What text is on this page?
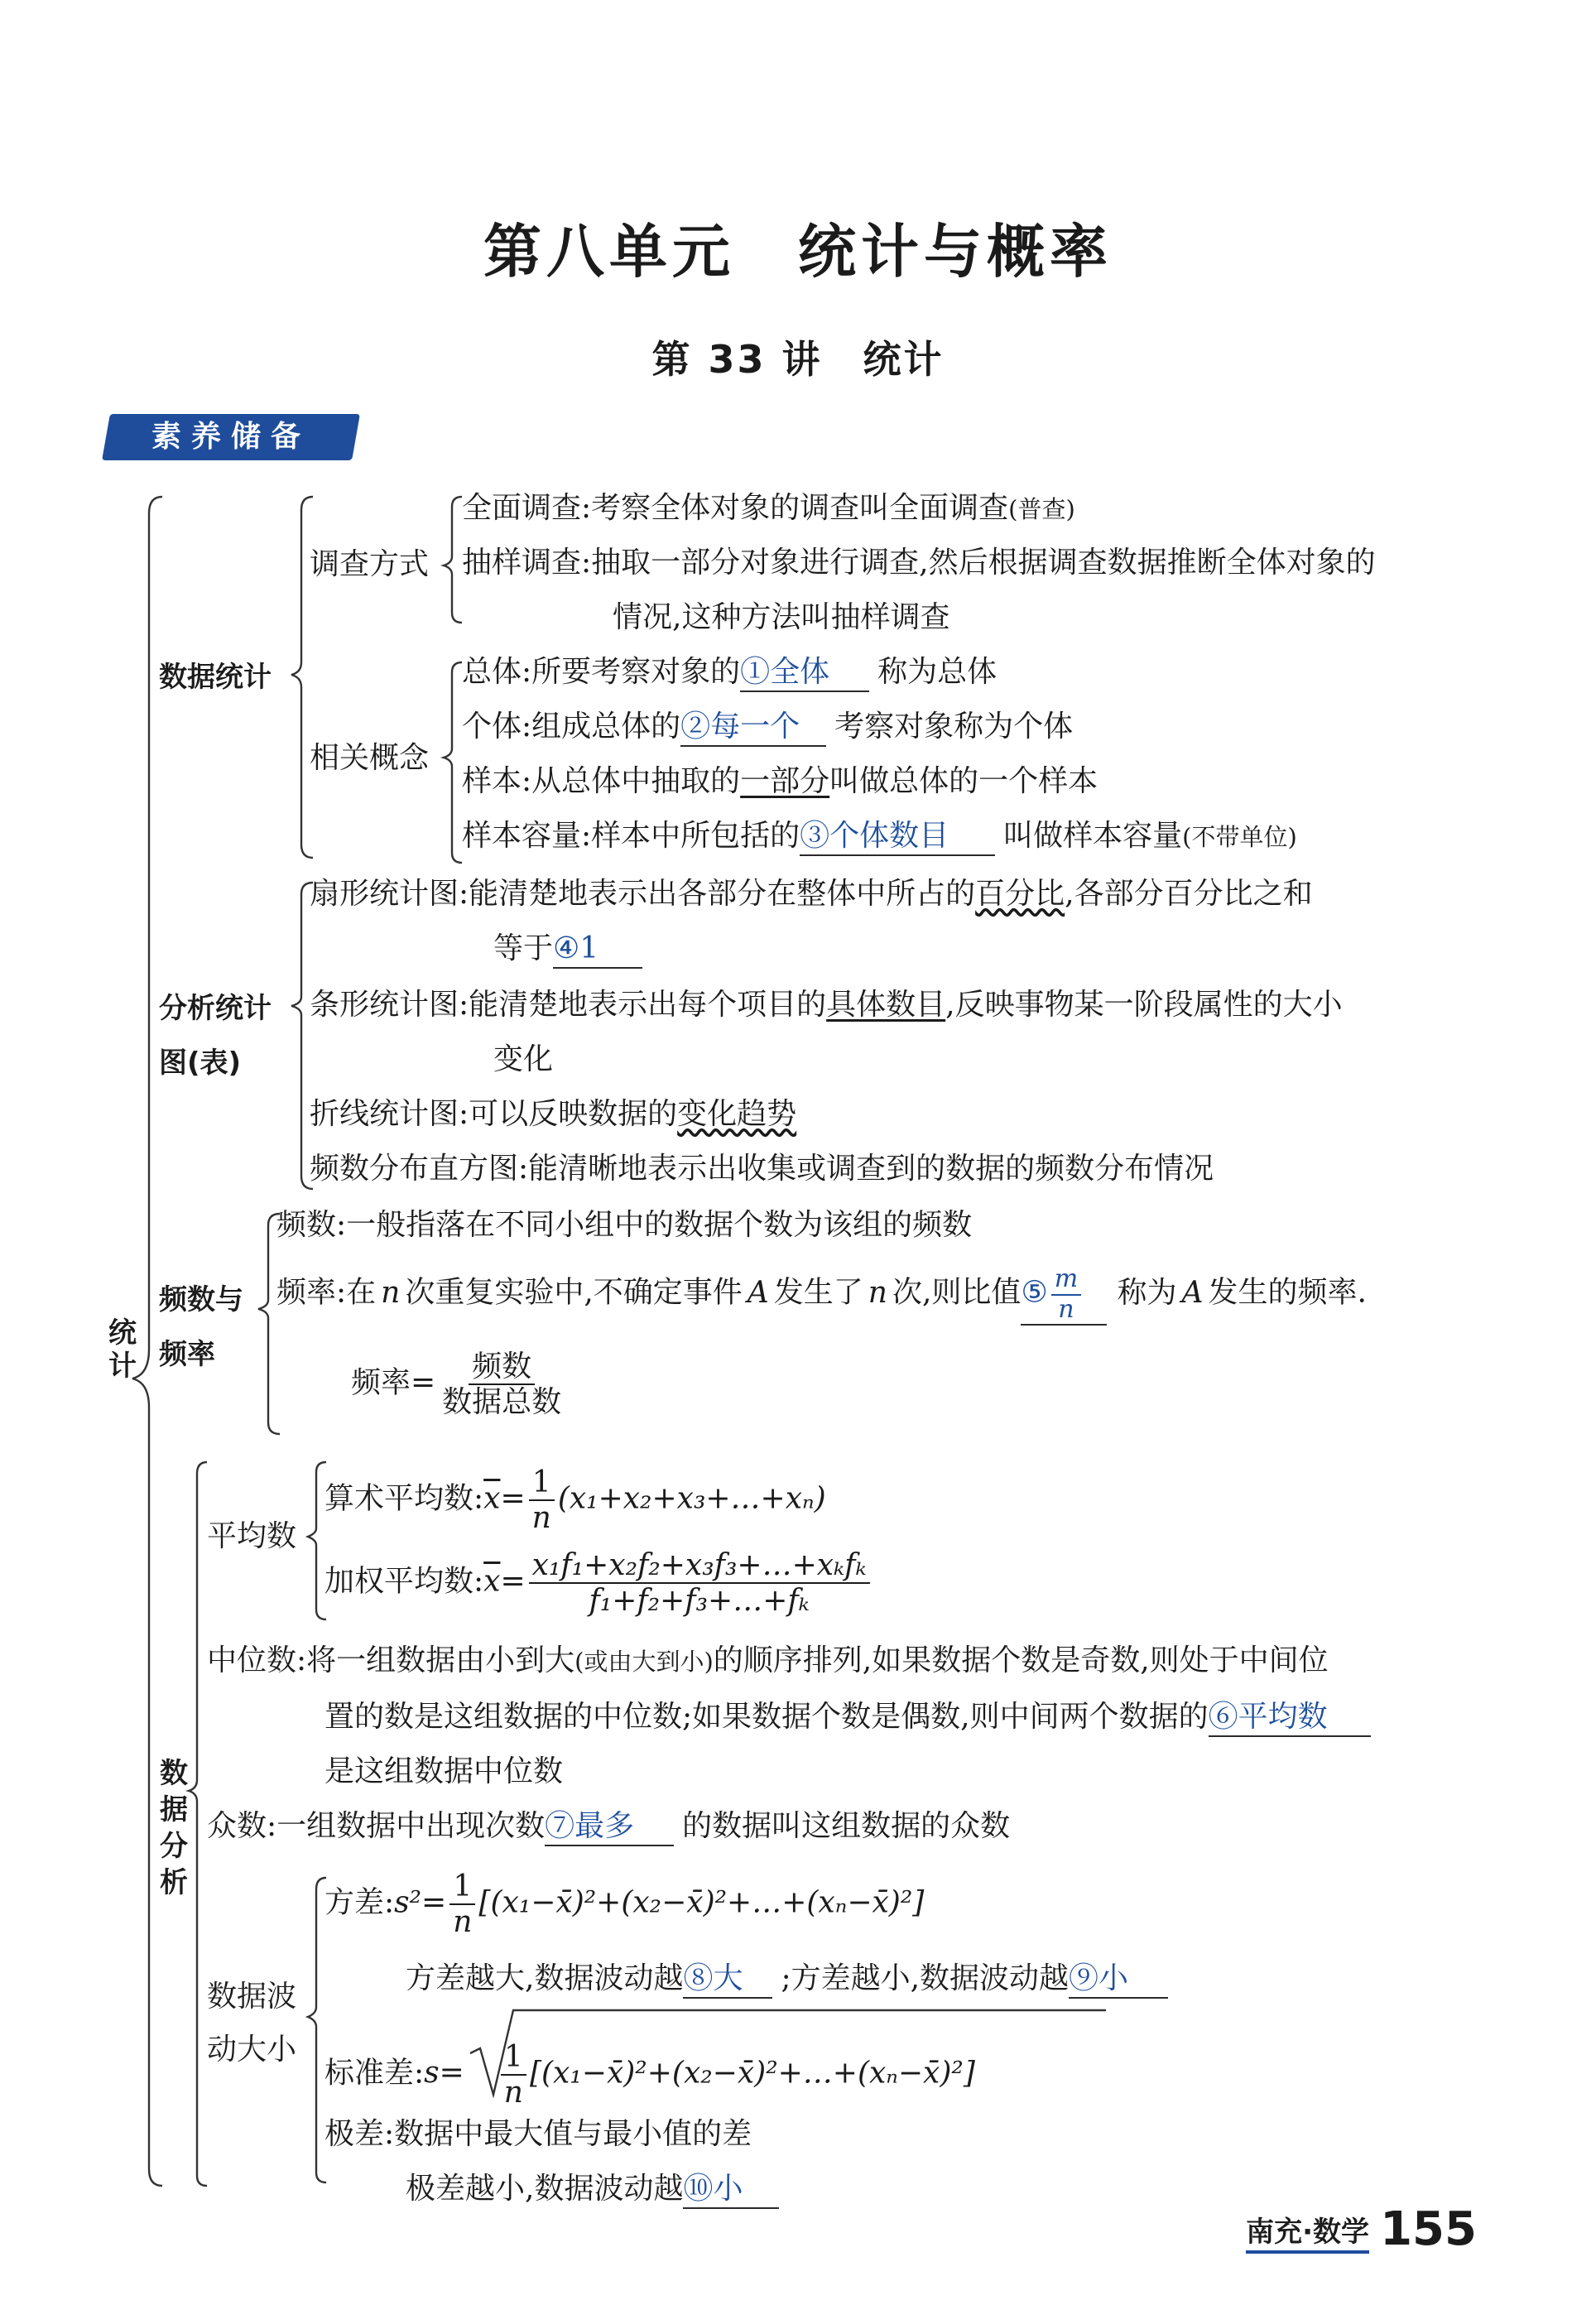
第八单元　统计与概率
第 33 讲　统计
素养储备
统计
数据统计
调查方式
全面调查:考察全体对象的调查叫全面调查(普查)
抽样调查:抽取一部分对象进行调查,然后根据调查数据推断全体对象的
情况,这种方法叫抽样调查
相关概念
总体:所要考察对象的①全体 称为总体
个体:组成总体的②每一个 考察对象称为个体
样本:从总体中抽取的一部分叫做总体的一个样本
样本容量:样本中所包括的③个体数目 叫做样本容量(不带单位)
分析统计
图(表)
扇形统计图:能清楚地表示出各部分在整体中所占的百分比,各部分百分比之和
等于④1
条形统计图:能清楚地表示出每个项目的具体数目,反映事物某一阶段属性的大小
变化
折线统计图:可以反映数据的变化趋势
频数分布直方图:能清晰地表示出收集或调查到的数据的频数分布情况
频数与
频率
频数:一般指落在不同小组中的数据个数为该组的频数
频率:在 n 次重复实验中,不确定事件 A 发生了 n 次,则比值⑤ $\frac{m}{n}$ 称为 A 发生的频率.
频率= $\frac{\text{频数}}{\text{数据总数}}$
数
据
分
析
平均数
算术平均数$:\overline{x}= \frac{1}{n}$ (x₁+x₂+x₃+…+xₙ)
加权平均数$:\overline{x}= \frac{\text{x₁f₁+x₂f₂+x₃f₃+…+xₖfₖ}}{\text{f₁+f₂+f₃+…+fₖ}}$
中位数:将一组数据由小到大(或由大到小)的顺序排列,如果数据个数是奇数,则处于中间位
置的数是这组数据的中位数;如果数据个数是偶数,则中间两个数据的⑥平均数
是这组数据中位数
众数:一组数据中出现次数⑦最多 的数据叫这组数据的众数
数据波
动大小
方差:s²= $\frac{1}{n}$ [(x₁−x̄)²+(x₂−x̄)²+…+(xₙ−x̄)²]
方差越大,数据波动越⑧大 ;方差越小,数据波动越⑨小
标准差:s= $\frac{1}{n}$ [(x₁−x̄)²+(x₂−x̄)²+…+(xₙ−x̄)²]
极差:数据中最大值与最小值的差
极差越小,数据波动越⑩小
南充·数学 155
